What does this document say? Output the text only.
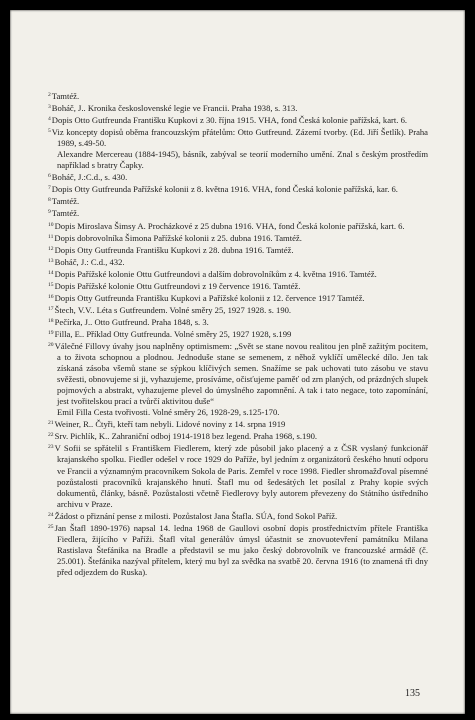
$^2$Tamtéž.
$^3$Boháč, J.. Kronika československé legie ve Francii. Praha 1938, s. 313.
$^4$Dopis Otto Gutfreunda Františku Kupkovi z 30. října 1915. VHA, fond Česká kolonie pařížská, kart. 6.
$^5$Viz koncepty dopisů oběma francouzským přátelům: Otto Gutfreund. Zázemí tvorby. (Ed. Jiří Šetlík). Praha 1989, s.49-50.
Alexandre Mercereau (1884-1945), básník, zabýval se teorií moderního umění. Znal s českým prostředím například s bratry Čapky.
$^6$Boháč, J.:C.d., s. 430.
$^7$Dopis Otty Gutfreunda Pařížské kolonii z 8. května 1916. VHA, fond Česká kolonie pařížská, kar. 6.
$^8$Tamtéž.
$^9$Tamtéž.
$^{10}$Dopis Miroslava Šimsy A. Procházkové z 25 dubna 1916. VHA, fond Česká kolonie pařížská, kart. 6.
$^{11}$Dopis dobrovolníka Šimona Pařížské kolonii z 25. dubna 1916. Tamtéž.
$^{12}$Dopis Otty Gutfreunda Františku Kupkovi z 28. dubna 1916. Tamtéž.
$^{13}$Boháč, J.: C.d., 432.
$^{14}$Dopis Pařížské kolonie Ottu Gutfreundovi a dalším dobrovolníkům z 4. května 1916. Tamtéž.
$^{15}$Dopis Pařížské kolonie Ottu Gutfreundovi z 19 července 1916. Tamtéž.
$^{16}$Dopis Otty Gutfreunda Františku Kupkovi a Pařížské kolonii z 12. července 1917 Tamtéž.
$^{17}$Štech, V.V.. Léta s Gutfreundem. Volné směry 25, 1927 1928. s. 190.
$^{18}$Pečírka, J.. Otto Gutfreund. Praha 1848, s. 3.
$^{19}$Filla, E.. Příklad Otty Gutfreunda. Volné směry 25, 1927 1928, s.199
$^{20}$Válečné Fillovy úvahy jsou naplněny optimismem: „Svět se stane novou realitou jen plně zažitým pocitem, a to života schopnou a plodnou. Jednoduše stane se semenem, z něhož vyklíčí umělecké dílo. Jen tak získaná zásoba všemů stane se sýpkou klíčivých semen. Snažíme se pak uchovati tuto zásobu ve stavu svěžesti, obnovujeme si ji, vyhazujeme, prosíváme, očisťujeme paměť od zrn planých, od prázdných slupek pojmových a abstrakt, vyhazujeme plevel do úmyslného zapomnění. A tak i tato negace, toto zapomínání, jest tvořitelskou prací a tvůrčí aktivitou duše“
Emil Filla Cesta tvořivosti. Volné směry 26, 1928-29, s.125-170.
$^{21}$Weiner, R.. Čtyři, kteří tam nebyli. Lidové noviny z 14. srpna 1919
$^{22}$Srv. Pichlík, K.. Zahraniční odboj 1914-1918 bez legend. Praha 1968, s.190.
$^{23}$V Sofii se spřátelil s Františkem Fiedlerem, který zde působil jako placený a z ČSR vyslaný funkcionář krajanského spolku. Fiedler odešel v roce 1929 do Paříže, byl jedním z organizátorů českého hnutí odporu ve Francii a významným pracovníkem Sokola de Paris. Zemřel v roce 1998. Fiedler shromažďoval písemné pozůstalosti pracovníků krajanského hnutí. Štafl mu od šedesátých let posílal z Prahy kopie svých dokumentů, články, básně. Pozůstalosti včetně Fiedlerovy byly autorem převezeny do Státního ústředního archivu v Praze.
$^{24}$Žádost o přiznání pense z milosti. Pozůstalost Jana Štafla. SÚA, fond Sokol Paříž.
$^{25}$Jan Štafl 1890-1976) napsal 14. ledna 1968 de Gaullovi osobní dopis prostřednictvím přítele Františka Fiedlera, žijícího v Paříži. Štafl vítal generálův úmysl účastnit se znovuotevření památníku Milana Rastislava Štefánika na Bradle a představil se mu jako český dobrovolník ve francouzské armádě (č. 25.001). Štefánika nazýval přítelem, který mu byl za svědka na svatbě 20. června 1916 (to znamená tři dny před odjezdem do Ruska).
135
